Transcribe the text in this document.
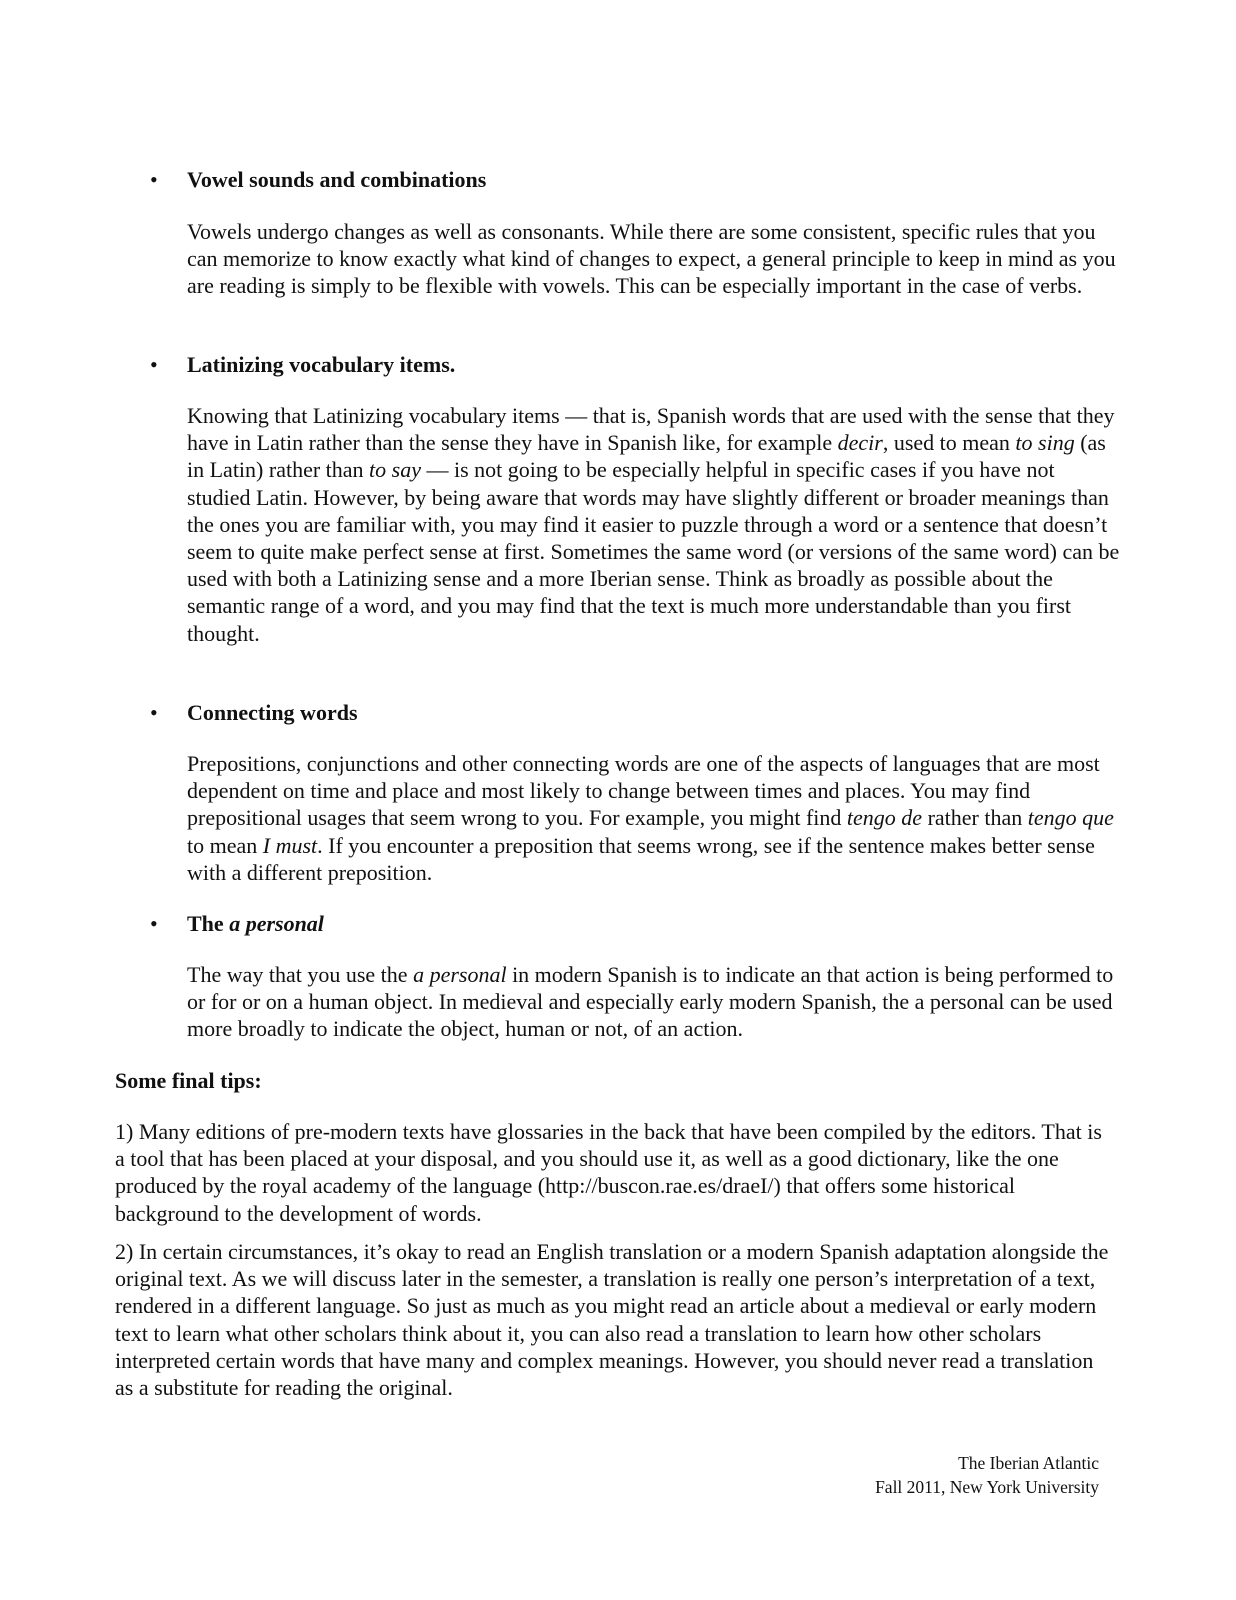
• Vowel sounds and combinations

Vowels undergo changes as well as consonants. While there are some consistent, specific rules that you can memorize to know exactly what kind of changes to expect, a general principle to keep in mind as you are reading is simply to be flexible with vowels. This can be especially important in the case of verbs.

• Latinizing vocabulary items.

Knowing that Latinizing vocabulary items — that is, Spanish words that are used with the sense that they have in Latin rather than the sense they have in Spanish like, for example decir, used to mean to sing (as in Latin) rather than to say — is not going to be especially helpful in specific cases if you have not studied Latin. However, by being aware that words may have slightly different or broader meanings than the ones you are familiar with, you may find it easier to puzzle through a word or a sentence that doesn’t seem to quite make perfect sense at first. Sometimes the same word (or versions of the same word) can be used with both a Latinizing sense and a more Iberian sense. Think as broadly as possible about the semantic range of a word, and you may find that the text is much more understandable than you first thought.

• Connecting words

Prepositions, conjunctions and other connecting words are one of the aspects of languages that are most dependent on time and place and most likely to change between times and places. You may find prepositional usages that seem wrong to you. For example, you might find tengo de rather than tengo que to mean I must. If you encounter a preposition that seems wrong, see if the sentence makes better sense with a different preposition.

• The a personal

The way that you use the a personal in modern Spanish is to indicate an that action is being performed to or for or on a human object. In medieval and especially early modern Spanish, the a personal can be used more broadly to indicate the object, human or not, of an action.

Some final tips:

1) Many editions of pre-modern texts have glossaries in the back that have been compiled by the editors. That is a tool that has been placed at your disposal, and you should use it, as well as a good dictionary, like the one produced by the royal academy of the language (http://buscon.rae.es/draeI/) that offers some historical background to the development of words.

2) In certain circumstances, it’s okay to read an English translation or a modern Spanish adaptation alongside the original text. As we will discuss later in the semester, a translation is really one person’s interpretation of a text, rendered in a different language. So just as much as you might read an article about a medieval or early modern text to learn what other scholars think about it, you can also read a translation to learn how other scholars interpreted certain words that have many and complex meanings. However, you should never read a translation as a substitute for reading the original.

The Iberian Atlantic
Fall 2011, New York University
